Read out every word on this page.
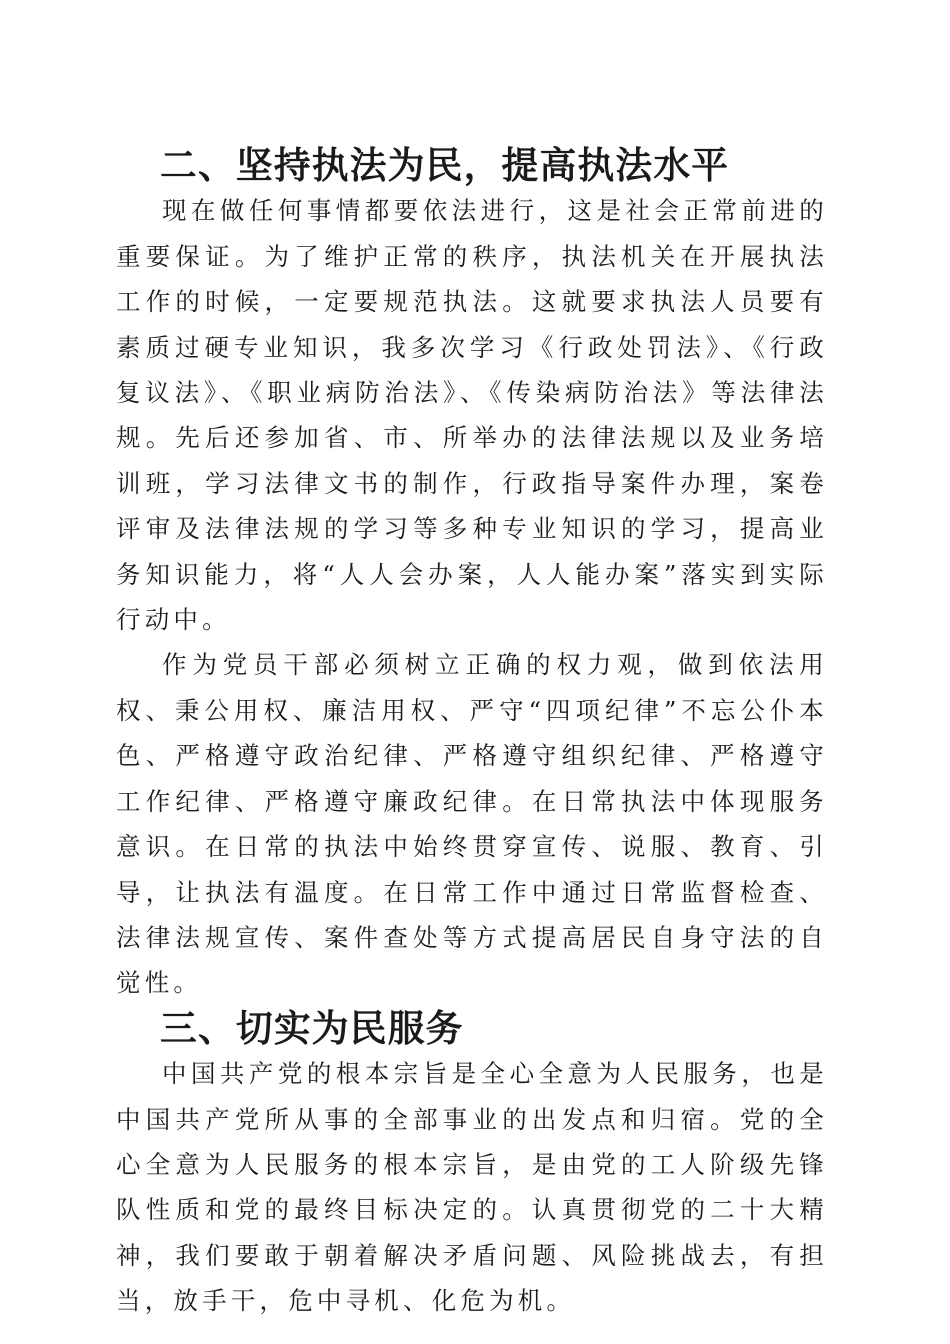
二、坚持执法为民，提高执法水平

现在做任何事情都要依法进行，这是社会正常前进的重要保证。为了维护正常的秩序，执法机关在开展执法工作的时候，一定要规范执法。这就要求执法人员要有素质过硬专业知识，我多次学习《行政处罚法》、《行政复议法》、《职业病防治法》、《传染病防治法》等法律法规。先后还参加省、市、所举办的法律法规以及业务培训班，学习法律文书的制作，行政指导案件办理，案卷评审及法律法规的学习等多种专业知识的学习，提高业务知识能力，将“人人会办案，人人能办案”落实到实际行动中。

作为党员干部必须树立正确的权力观，做到依法用权、秉公用权、廉洁用权、严守“四项纪律”不忘公仆本色、严格遵守政治纪律、严格遵守组织纪律、严格遵守工作纪律、严格遵守廉政纪律。在日常执法中体现服务意识。在日常的执法中始终贯穿宣传、说服、教育、引导，让执法有温度。在日常工作中通过日常监督检查、法律法规宣传、案件查处等方式提高居民自身守法的自觉性。

三、切实为民服务

中国共产党的根本宗旨是全心全意为人民服务，也是中国共产党所从事的全部事业的出发点和归宿。党的全心全意为人民服务的根本宗旨，是由党的工人阶级先锋队性质和党的最终目标决定的。认真贯彻党的二十大精神，我们要敢于朝着解决矛盾问题、风险挑战去，有担当，放手干，危中寻机、化危为机。
